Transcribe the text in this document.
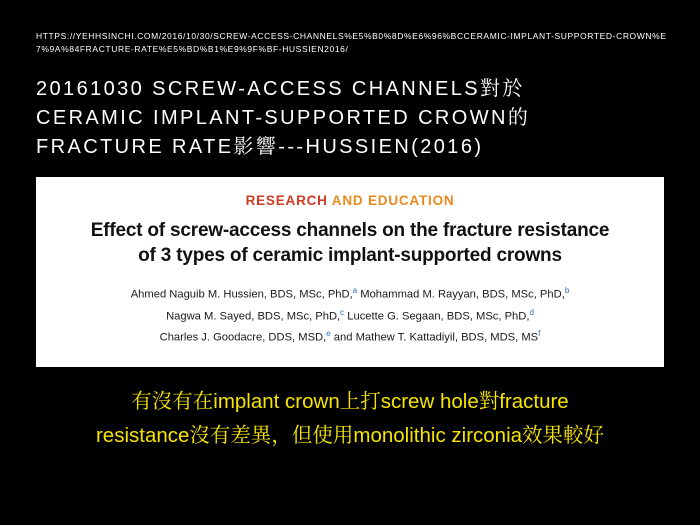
HTTPS://YEHHSINCHI.COM/2016/10/30/SCREW-ACCESS-CHANNELS%E5%B0%8D%E6%96%BCCERAMIC-IMPLANT-SUPPORTED-CROWN%E7%9A%84FRACTURE-RATE%E5%BD%B1%E9%9F%BF-HUSSIEN2016/
20161030 SCREW-ACCESS CHANNELS對於
CERAMIC IMPLANT-SUPPORTED CROWN的
FRACTURE RATE影響---HUSSIEN(2016)
RESEARCH AND EDUCATION
Effect of screw-access channels on the fracture resistance
of 3 types of ceramic implant-supported crowns
Ahmed Naguib M. Hussien, BDS, MSc, PhD,$^a$ Mohammad M. Rayyan, BDS, MSc, PhD,$^b$
Nagwa M. Sayed, BDS, MSc, PhD,$^c$ Lucette G. Segaan, BDS, MSc, PhD,$^d$
Charles J. Goodacre, DDS, MSD,$^e$ and Mathew T. Kattadiyil, BDS, MDS, $MS^f$
有沒有在implant crown上打screw hole對fracture
resistance沒有差異，但使用monolithic zirconia效果較好
